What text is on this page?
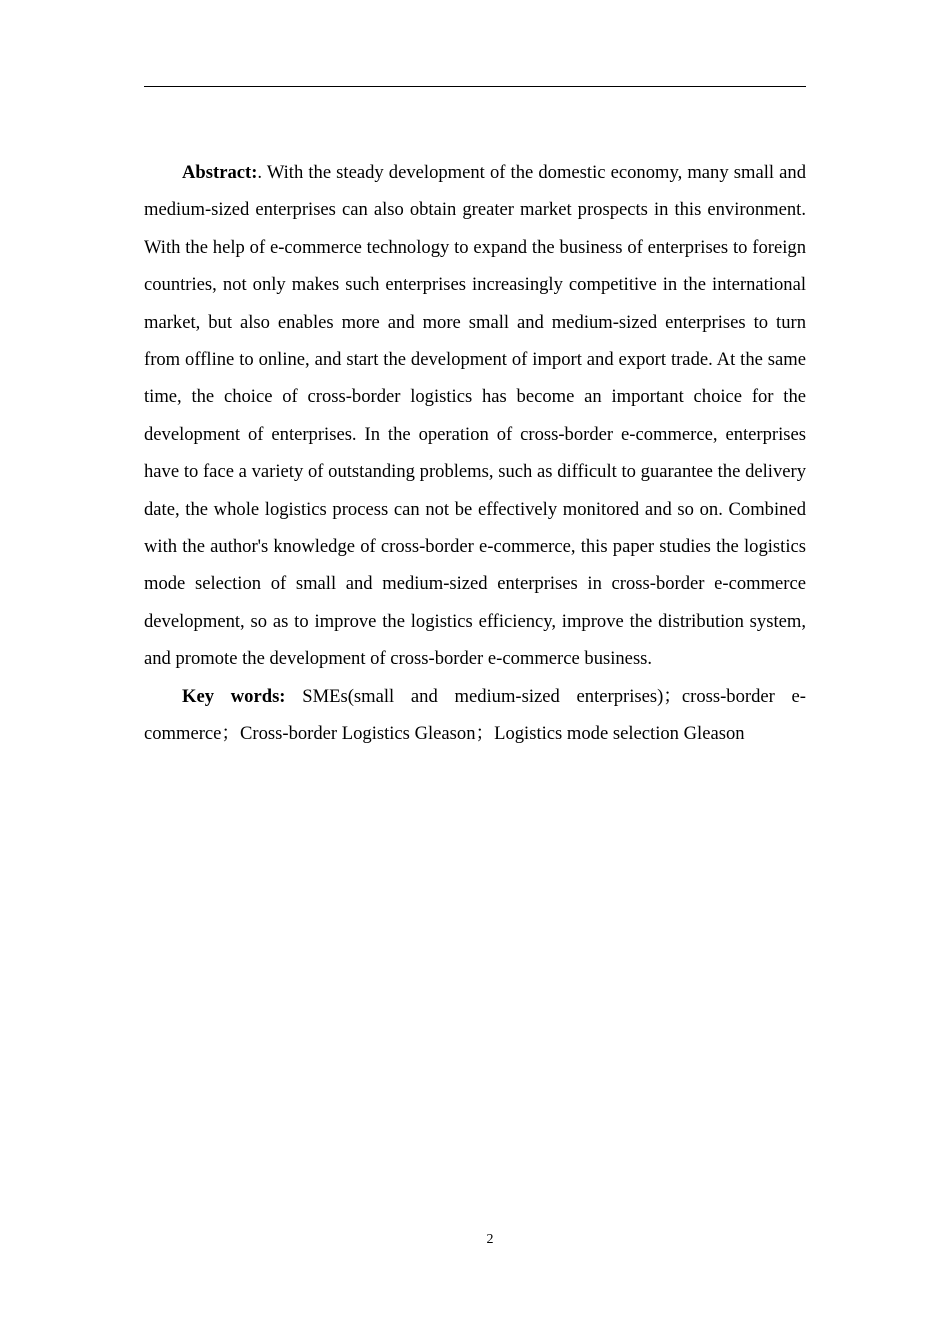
Abstract:. With the steady development of the domestic economy, many small and medium-sized enterprises can also obtain greater market prospects in this environment. With the help of e-commerce technology to expand the business of enterprises to foreign countries, not only makes such enterprises increasingly competitive in the international market, but also enables more and more small and medium-sized enterprises to turn from offline to online, and start the development of import and export trade. At the same time, the choice of cross-border logistics has become an important choice for the development of enterprises. In the operation of cross-border e-commerce, enterprises have to face a variety of outstanding problems, such as difficult to guarantee the delivery date, the whole logistics process can not be effectively monitored and so on. Combined with the author's knowledge of cross-border e-commerce, this paper studies the logistics mode selection of small and medium-sized enterprises in cross-border e-commerce development, so as to improve the logistics efficiency, improve the distribution system, and promote the development of cross-border e-commerce business.

Key words: SMEs(small and medium-sized enterprises)；cross-border e-commerce；Cross-border Logistics Gleason；Logistics mode selection Gleason

2
